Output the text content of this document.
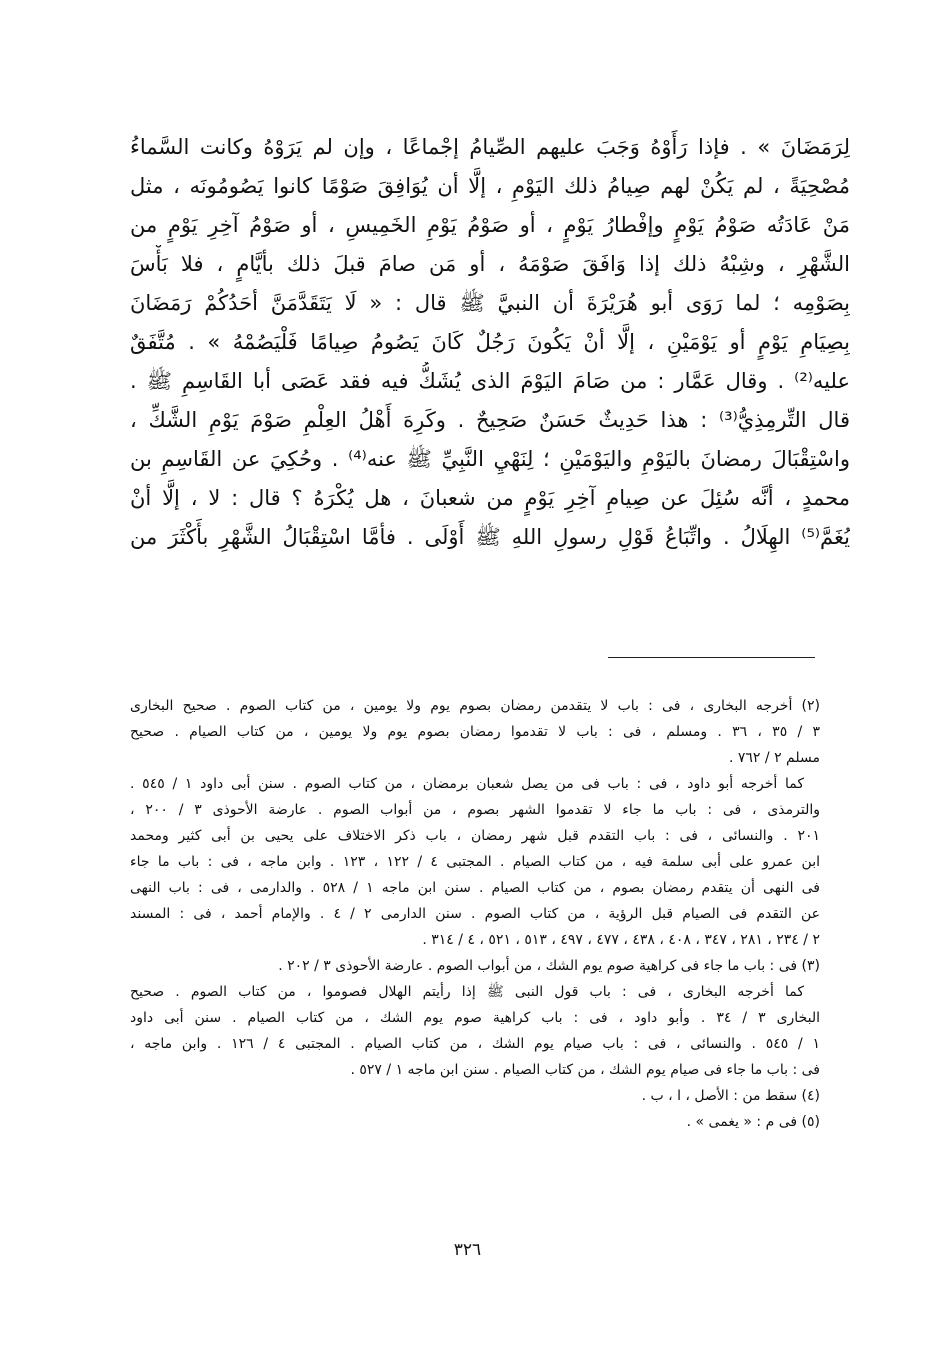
لِرَمَضَانَ » . فإذا رَأَوْهُ وَجَبَ عليهم الصِّيامُ إجْماعًا ، وإن لم يَرَوْهُ وكانت السَّماءُ
مُصْحِيَةً ، لم يَكُنْ لهم صِيامُ ذلك اليَوْمِ ، إلَّا أن يُوَافِقَ صَوْمًا كانوا يَصُومُونَه ، مثل
مَنْ عَادَتُه صَوْمُ يَوْمٍ وإفْطارُ يَوْمٍ ، أو صَوْمُ يَوْمِ الخَمِيسِ ، أو صَوْمُ آخِرِ يَوْمٍ من
الشَّهْرِ ، وشِبْهُ ذلك إذا وَافَقَ صَوْمَهُ ، أو مَن صامَ قبلَ ذلك بأيَّامٍ ، فلا بَأْسَ
بِصَوْمِه ؛ لما رَوَى أبو هُرَيْرَةَ أن النبيَّ ﷺ قال : « لَا يَتَقَدَّمَنَّ أحَدُكُمْ رَمَضَانَ
بِصِيَامِ يَوْمٍ أو يَوْمَيْنِ ، إلَّا أنْ يَكُونَ رَجُلٌ كَانَ يَصُومُ صِيامًا فَلْيَصُمْهُ » . مُتَّفَقٌ
عليه⁽²⁾ . وقال عَمَّار : من صَامَ اليَوْمَ الذى يُشَكُّ فيه فقد عَصَى أبا القَاسِمِ ﷺ .
قال التِّرمِذِيُّ⁽³⁾ : هذا حَدِيثٌ حَسَنٌ صَحِيحٌ . وكَرِهَ أَهْلُ العِلْمِ صَوْمَ يَوْمِ الشَّكِّ ،
واسْتِقْبَالَ رمضانَ باليَوْمِ واليَوْمَيْنِ ؛ لِنَهْيِ النَّبِيِّ ﷺ عنه⁽⁴⁾ . وحُكِيَ عن القَاسِمِ بن
محمدٍ ، أنَّه سُئِلَ عن صِيامِ آخِرِ يَوْمٍ من شعبانَ ، هل يُكْرَهُ ؟ قال : لا ، إلَّا أنْ
يُغَمَّ⁽⁵⁾ الهِلَالُ . واتِّبَاعُ قَوْلِ رسولِ اللهِ ﷺ أَوْلَى . فأمَّا اسْتِقْبَالُ الشَّهْرِ بأَكْثَرَ من
(٢) أخرجه البخارى ، فى : باب لا يتقدمن رمضان بصوم يوم ولا يومين ، من كتاب الصوم . صحيح البخارى
٣ / ٣٥ ، ٣٦ . ومسلم ، فى : باب لا تقدموا رمضان بصوم يوم ولا يومين ، من كتاب الصيام . صحيح
مسلم ٢ / ٧٦٢ .
كما أخرجه أبو داود ، فى : باب فى من يصل شعبان برمضان ، من كتاب الصوم . سنن أبى داود ١ / ٥٤٥ .
والترمذى ، فى : باب ما جاء لا تقدموا الشهر بصوم ، من أبواب الصوم . عارضة الأحوذى ٣ / ٢٠٠ ،
٢٠١ . والنسائى ، فى : باب التقدم قبل شهر رمضان ، باب ذكر الاختلاف على يحيى بن أبى كثير ومحمد
ابن عمرو على أبى سلمة فيه ، من كتاب الصيام . المجتبى ٤ / ١٢٢ ، ١٢٣ . وابن ماجه ، فى : باب ما جاء
فى النهى أن يتقدم رمضان بصوم ، من كتاب الصيام . سنن ابن ماجه ١ / ٥٢٨ . والدارمى ، فى : باب النهى
عن التقدم فى الصيام قبل الرؤية ، من كتاب الصوم . سنن الدارمى ٢ / ٤ . والإمام أحمد ، فى : المسند
٢ / ٢٣٤ ، ٢٨١ ، ٣٤٧ ، ٤٠٨ ، ٤٣٨ ، ٤٧٧ ، ٤٩٧ ، ٥١٣ ، ٥٢١ ، ٤ / ٣١٤ .
(٣) فى : باب ما جاء فى كراهية صوم يوم الشك ، من أبواب الصوم . عارضة الأحوذى ٣ / ٢٠٢ .
كما أخرجه البخارى ، فى : باب قول النبى ﷺ إذا رأيتم الهلال فصوموا ، من كتاب الصوم . صحيح
البخارى ٣ / ٣٤ . وأبو داود ، فى : باب كراهية صوم يوم الشك ، من كتاب الصيام . سنن أبى داود
١ / ٥٤٥ . والنسائى ، فى : باب صيام يوم الشك ، من كتاب الصيام . المجتبى ٤ / ١٢٦ . وابن ماجه ،
فى : باب ما جاء فى صيام يوم الشك ، من كتاب الصيام . سنن ابن ماجه ١ / ٥٢٧ .
(٤) سقط من : الأصل ، ا ، ب .
(٥) فى م : « يغمى » .
٣٢٦
